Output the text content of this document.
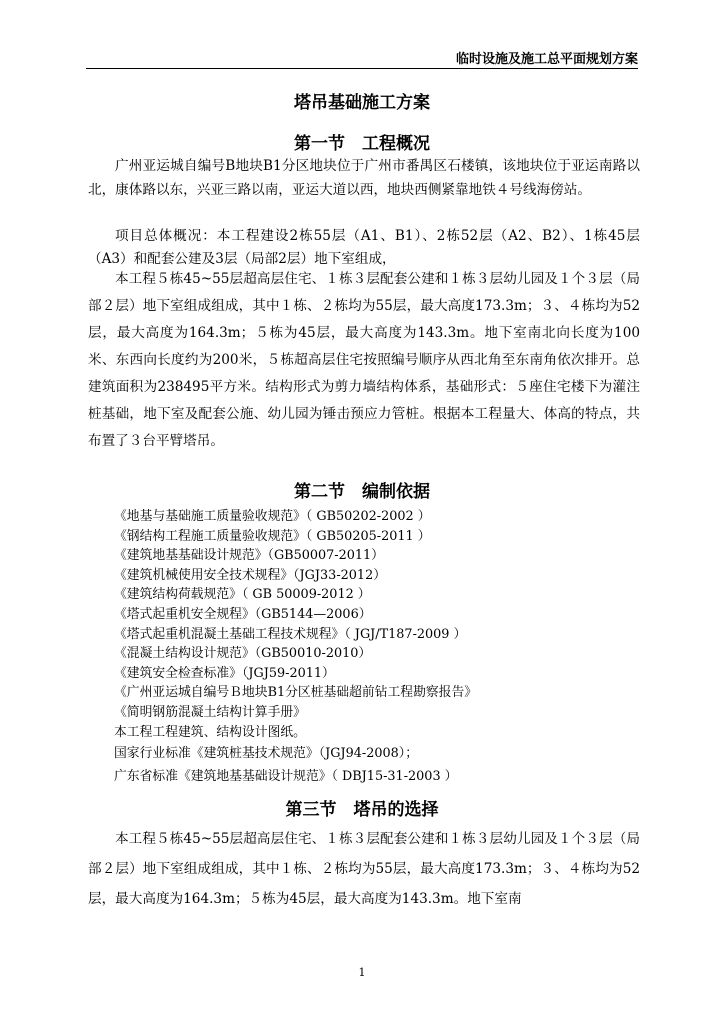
临时设施及施工总平面规划方案
塔吊基础施工方案
第一节　工程概况

广州亚运城自编号B地块B1分区地块位于广州市番禺区石楼镇，该地块位于亚运南路以北，康体路以东，兴亚三路以南，亚运大道以西，地块西侧紧靠地铁４号线海傍站。

项目总体概况：本工程建设2栋55层（A1、B1）、2栋52层（A2、B2）、1栋45层（A3）和配套公建及3层（局部2层）地下室组成，

本工程５栋45~55层超高层住宅、１栋３层配套公建和１栋３层幼儿园及１个３层（局部２层）地下室组成组成，其中１栋、２栋均为55层，最大高度173.3m；３、４栋均为52层，最大高度为164.3m；５栋为45层，最大高度为143.3m。地下室南北向长度为100米、东西向长度约为200米，５栋超高层住宅按照编号顺序从西北角至东南角依次排开。总建筑面积为238495平方米。结构形式为剪力墙结构体系，基础形式：５座住宅楼下为灌注桩基础，地下室及配套公施、幼儿园为锤击预应力管桩。根据本工程量大、体高的特点，共布置了３台平臂塔吊。

第二节　编制依据
《地基与基础施工质量验收规范》（ GB50202-2002 ）
《钢结构工程施工质量验收规范》（ GB50205-2011 ）
《建筑地基基础设计规范》（GB50007-2011）
《建筑机械使用安全技术规程》（JGJ33-2012）
《建筑结构荷载规范》（ GB 50009-2012 ）
《塔式起重机安全规程》（GB5144—2006）
《塔式起重机混凝土基础工程技术规程》（ JGJ/T187-2009 ）
《混凝土结构设计规范》（GB50010-2010）
《建筑安全检查标准》（JGJ59-2011）
《广州亚运城自编号Ｂ地块B1分区桩基础超前钻工程勘察报告》
《简明钢筋混凝土结构计算手册》
本工程工程建筑、结构设计图纸。
国家行业标准《建筑桩基技术规范》（JGJ94-2008）；
广东省标准《建筑地基基础设计规范》（ DBJ15-31-2003 ）
第三节　塔吊的选择

本工程５栋45~55层超高层住宅、１栋３层配套公建和１栋３层幼儿园及１个３层（局部２层）地下室组成组成，其中１栋、２栋均为55层，最大高度173.3m；３、４栋均为52层，最大高度为164.3m；５栋为45层，最大高度为143.3m。地下室南

1
